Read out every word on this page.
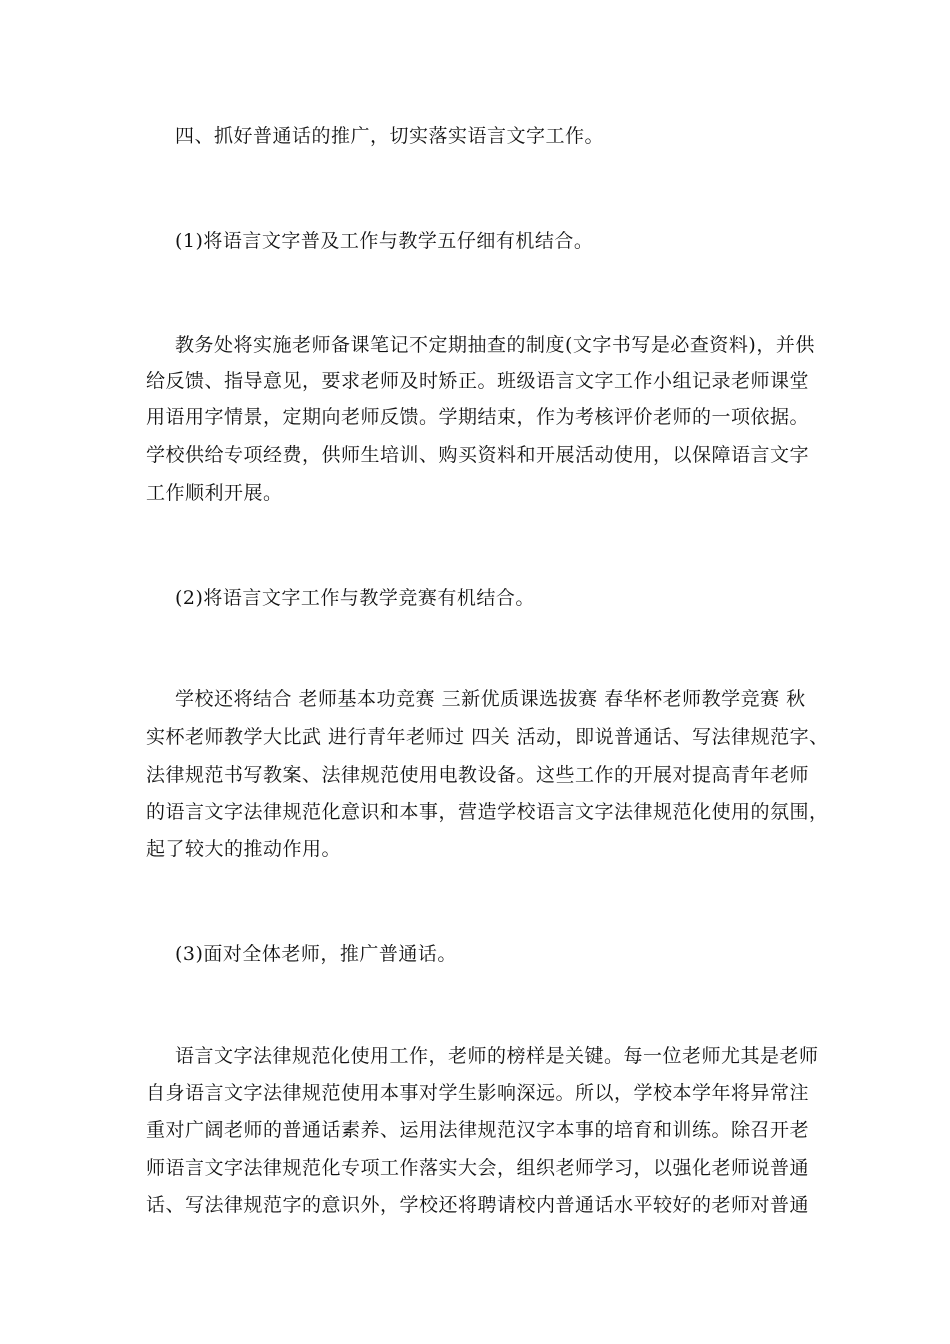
四、抓好普通话的推广，切实落实语言文字工作。
(1)将语言文字普及工作与教学五仔细有机结合。
教务处将实施老师备课笔记不定期抽查的制度(文字书写是必查资料)，并供
给反馈、指导意见，要求老师及时矫正。班级语言文字工作小组记录老师课堂
用语用字情景，定期向老师反馈。学期结束，作为考核评价老师的一项依据。
学校供给专项经费，供师生培训、购买资料和开展活动使用，以保障语言文字
工作顺利开展。
(2)将语言文字工作与教学竞赛有机结合。
学校还将结合 老师基本功竞赛 三新优质课选拔赛 春华杯老师教学竞赛 秋
实杯老师教学大比武 进行青年老师过 四关 活动，即说普通话、写法律规范字、
法律规范书写教案、法律规范使用电教设备。这些工作的开展对提高青年老师
的语言文字法律规范化意识和本事，营造学校语言文字法律规范化使用的氛围，
起了较大的推动作用。
(3)面对全体老师，推广普通话。
语言文字法律规范化使用工作，老师的榜样是关键。每一位老师尤其是老师
自身语言文字法律规范使用本事对学生影响深远。所以，学校本学年将异常注
重对广阔老师的普通话素养、运用法律规范汉字本事的培育和训练。除召开老
师语言文字法律规范化专项工作落实大会，组织老师学习，以强化老师说普通
话、写法律规范字的意识外，学校还将聘请校内普通话水平较好的老师对普通
